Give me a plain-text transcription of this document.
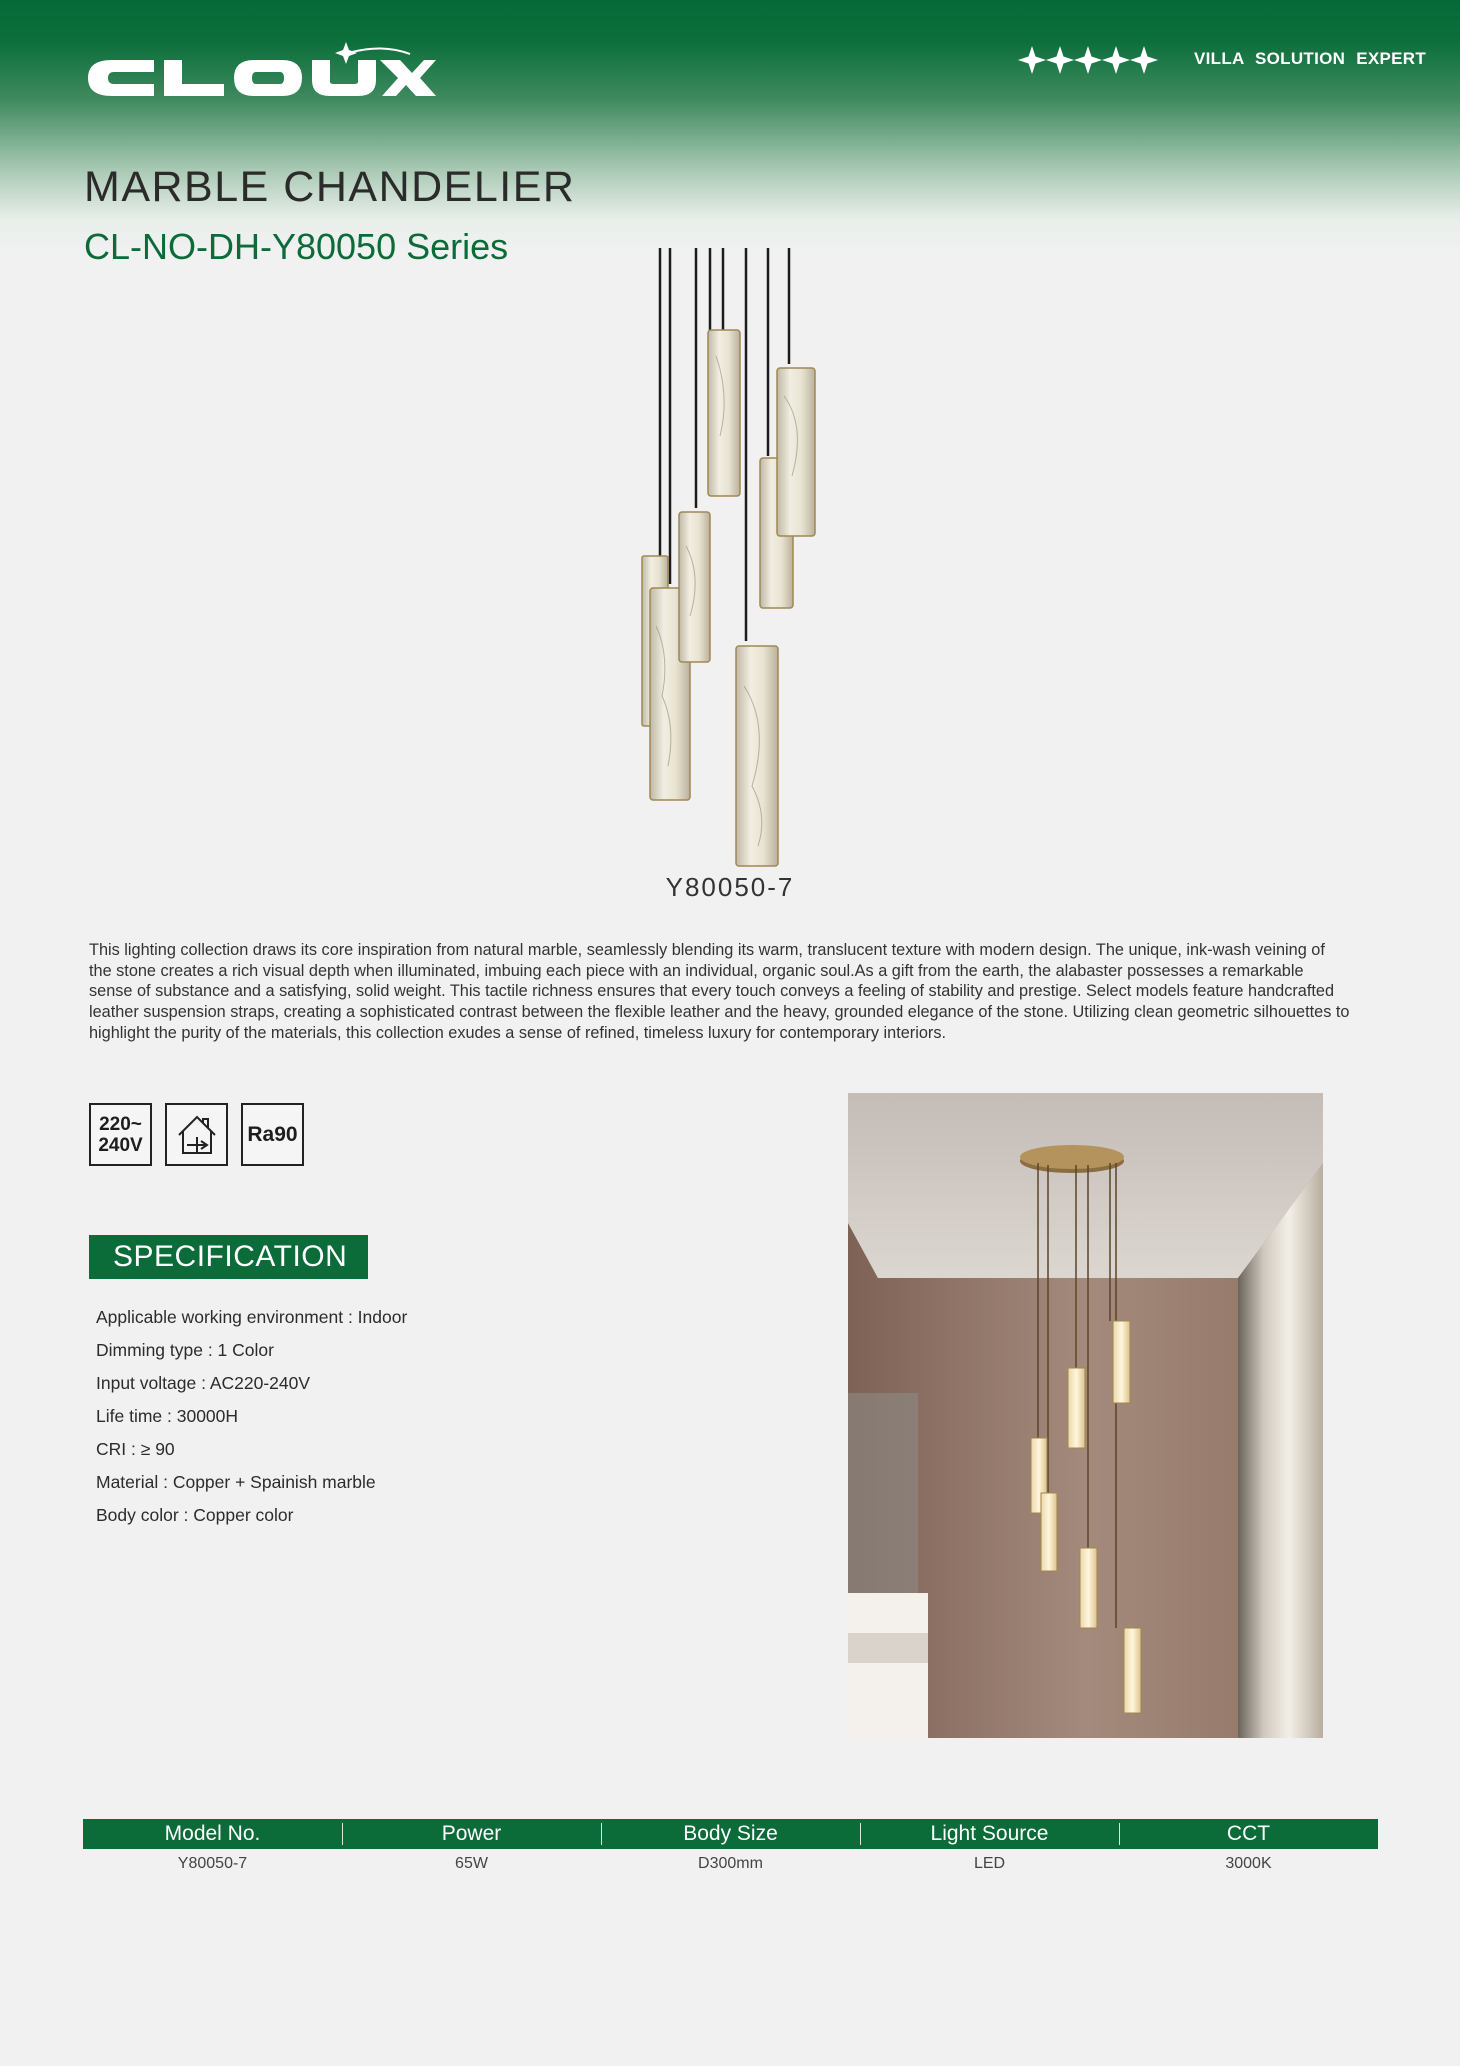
VILLA SOLUTION EXPERT
MARBLE CHANDELIER
CL-NO-DH-Y80050 Series
Y80050-7

This lighting collection draws its core inspiration from natural marble, seamlessly blending its warm, translucent texture with modern design. The unique, ink-wash veining of the stone creates a rich visual depth when illuminated, imbuing each piece with an individual, organic soul.As a gift from the earth, the alabaster possesses a remarkable sense of substance and a satisfying, solid weight. This tactile richness ensures that every touch conveys a feeling of stability and prestige. Select models feature handcrafted leather suspension straps, creating a sophisticated contrast between the flexible leather and the heavy, grounded elegance of the stone. Utilizing clean geometric silhouettes to highlight the purity of the materials, this collection exudes a sense of refined, timeless luxury for contemporary interiors.

220~
240V	Ra90
SPECIFICATION
Applicable working environment : Indoor
Dimming type : 1 Color
Input voltage : AC220-240V
Life time : 30000H
CRI : ≥ 90
Material : Copper + Spainish marble
Body color : Copper color
Model No.	Power	Body Size	Light Source	CCT
Y80050-7	65W	D300mm	LED	3000K
